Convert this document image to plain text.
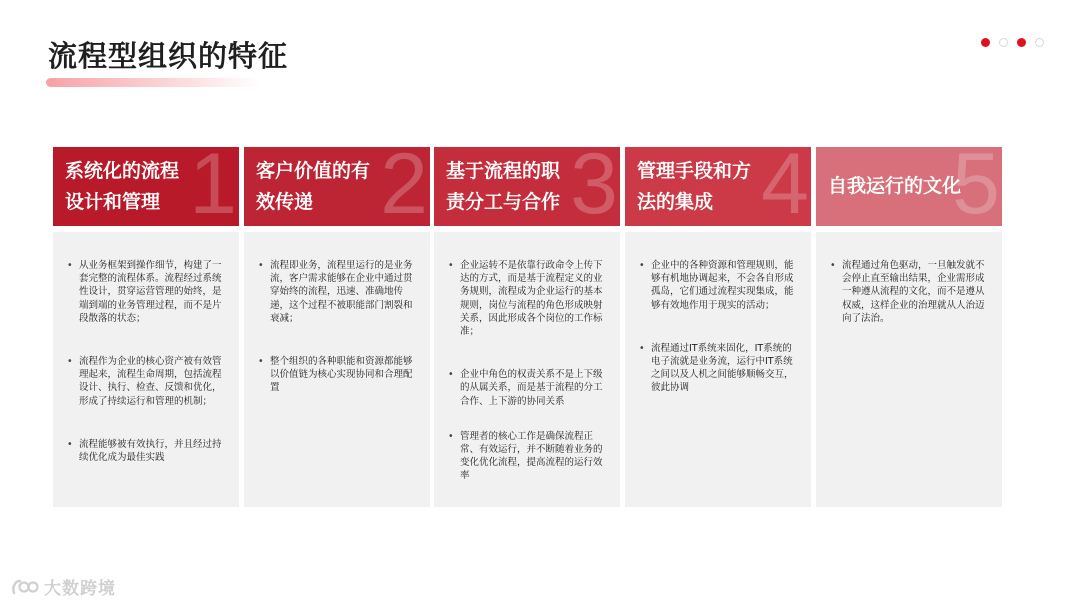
流程型组织的特征
1
系统化的流程
设计和管理
• 从业务框架到操作细节，构建了一套完整的流程体系。流程经过系统性设计，贯穿运营管理的始终，是端到端的业务管理过程，而不是片段散落的状态；
• 流程作为企业的核心资产被有效管理起来，流程生命周期，包括流程设计、执行、检查、反馈和优化，形成了持续运行和管理的机制；
• 流程能够被有效执行，并且经过持续优化成为最佳实践
2
客户价值的有
效传递
• 流程即业务，流程里运行的是业务流，客户需求能够在企业中通过贯穿始终的流程，迅速、准确地传递，这个过程不被职能部门割裂和衰减；
• 整个组织的各种职能和资源都能够以价值链为核心实现协同和合理配置
3
基于流程的职
责分工与合作
• 企业运转不是依靠行政命令上传下达的方式，而是基于流程定义的业务规则，流程成为企业运行的基本规则，岗位与流程的角色形成映射关系，因此形成各个岗位的工作标准；
• 企业中角色的权责关系不是上下级的从属关系，而是基于流程的分工合作、上下游的协同关系
• 管理者的核心工作是确保流程正常、有效运行，并不断随着业务的变化优化流程，提高流程的运行效率
4
管理手段和方
法的集成
• 企业中的各种资源和管理规则，能够有机地协调起来，不会各自形成孤岛，它们通过流程实现集成，能够有效地作用于现实的活动；
• 流程通过IT系统来固化，IT系统的电子流就是业务流，运行中IT系统之间以及人机之间能够顺畅交互，彼此协调
5
自我运行的文化
• 流程通过角色驱动，一旦触发就不会停止直至输出结果，企业需形成一种遵从流程的文化，而不是遵从权威，这样企业的治理就从人治迈向了法治。
大数跨境
